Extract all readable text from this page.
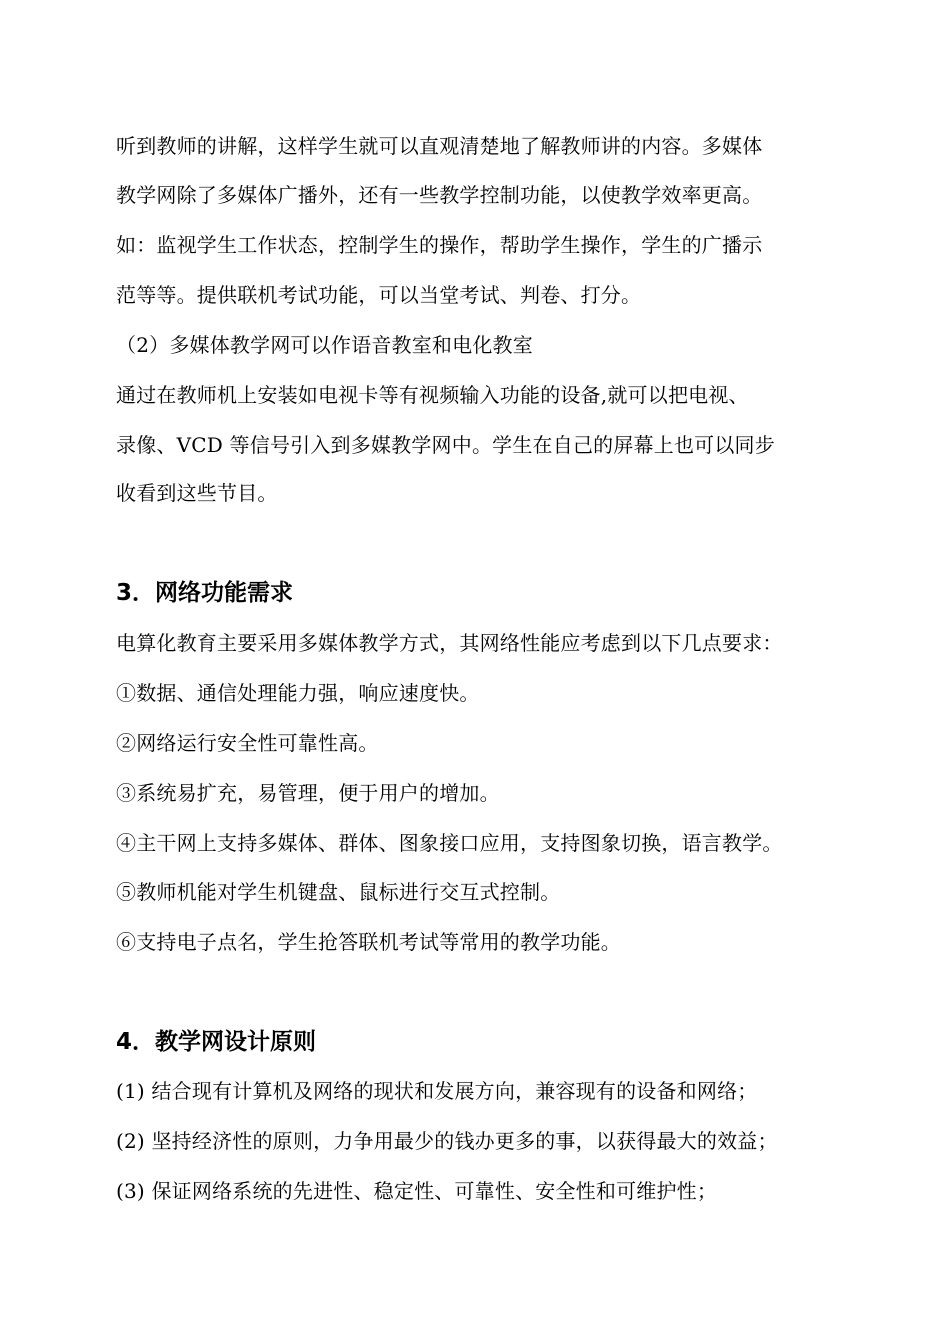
听到教师的讲解，这样学生就可以直观清楚地了解教师讲的内容。多媒体
教学网除了多媒体广播外，还有一些教学控制功能，以使教学效率更高。
如：监视学生工作状态，控制学生的操作，帮助学生操作，学生的广播示
范等等。提供联机考试功能，可以当堂考试、判卷、打分。
（2）多媒体教学网可以作语音教室和电化教室
通过在教师机上安装如电视卡等有视频输入功能的设备,就可以把电视、
录像、VCD 等信号引入到多媒教学网中。学生在自己的屏幕上也可以同步
收看到这些节目。
3．网络功能需求
电算化教育主要采用多媒体教学方式，其网络性能应考虑到以下几点要求：
①数据、通信处理能力强，响应速度快。
②网络运行安全性可靠性高。
③系统易扩充，易管理，便于用户的增加。
④主干网上支持多媒体、群体、图象接口应用，支持图象切换，语言教学。
⑤教师机能对学生机键盘、鼠标进行交互式控制。
⑥支持电子点名，学生抢答联机考试等常用的教学功能。
4．教学网设计原则
(1) 结合现有计算机及网络的现状和发展方向，兼容现有的设备和网络；
(2) 坚持经济性的原则，力争用最少的钱办更多的事，以获得最大的效益；
(3) 保证网络系统的先进性、稳定性、可靠性、安全性和可维护性；
